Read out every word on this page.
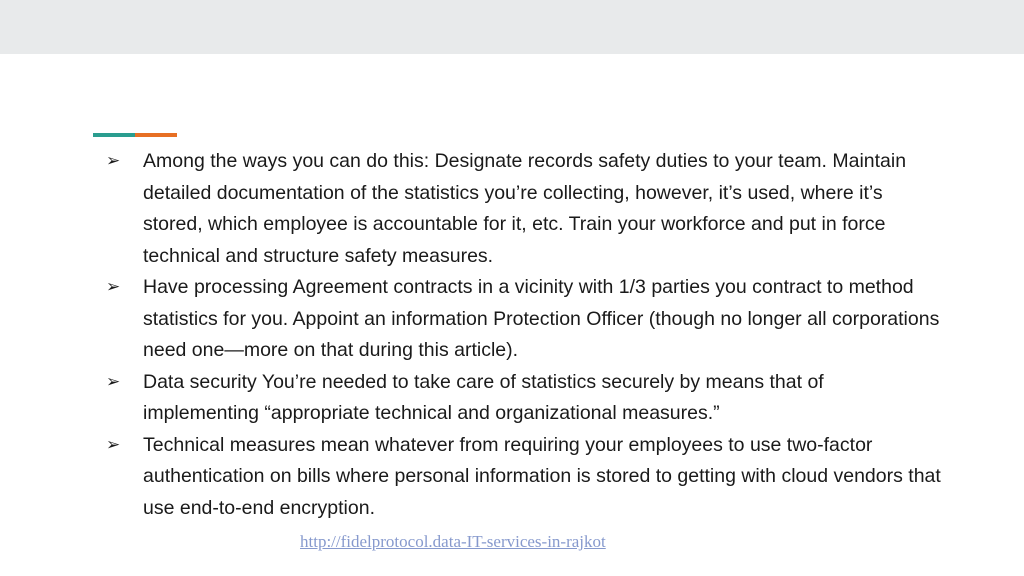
➢ Among the ways you can do this: Designate records safety duties to your team. Maintain detailed documentation of the statistics you’re collecting, however, it’s used, where it’s stored, which employee is accountable for it, etc. Train your workforce and put in force technical and structure safety measures.
➢ Have processing Agreement contracts in a vicinity with 1/3 parties you contract to method statistics for you. Appoint an information Protection Officer (though no longer all corporations need one—more on that during this article).
➢ Data security You’re needed to take care of statistics securely by means that of implementing “appropriate technical and organizational measures.”
➢ Technical measures mean whatever from requiring your employees to use two-factor authentication on bills where personal information is stored to getting with cloud vendors that use end-to-end encryption.
http://fidelprotocol.data-IT-services-in-rajkot
